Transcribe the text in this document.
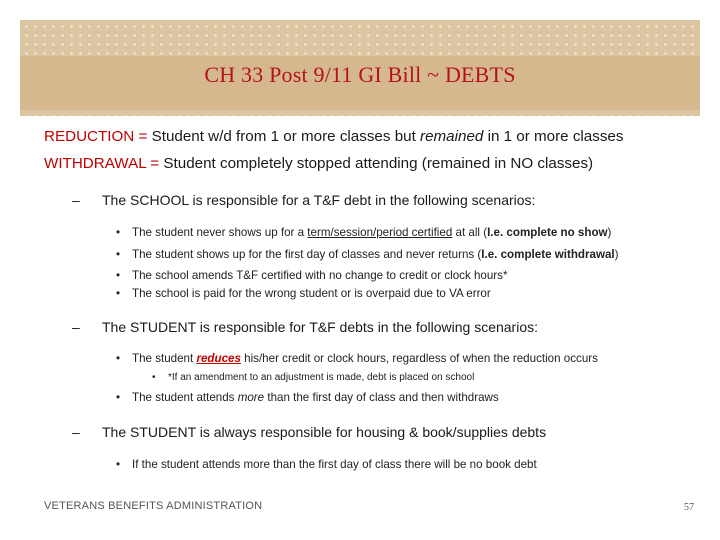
CH 33 Post 9/11 GI Bill ~ DEBTS
REDUCTION = Student w/d from 1 or more classes but remained in 1 or more classes
WITHDRAWAL = Student completely stopped attending (remained in NO classes)
– The SCHOOL is responsible for a T&F debt in the following scenarios:
• The student never shows up for a term/session/period certified at all (I.e. complete no show)
• The student shows up for the first day of classes and never returns (I.e. complete withdrawal)
• The school amends T&F certified with no change to credit or clock hours*
• The school is paid for the wrong student or is overpaid due to VA error
– The STUDENT is responsible for T&F debts in the following scenarios:
• The student reduces his/her credit or clock hours, regardless of when the reduction occurs
• *If an amendment to an adjustment is made, debt is placed on school
• The student attends more than the first day of class and then withdraws
– The STUDENT is always responsible for housing & book/supplies debts
• If the student attends more than the first day of class there will be no book debt
VETERANS BENEFITS ADMINISTRATION	57
